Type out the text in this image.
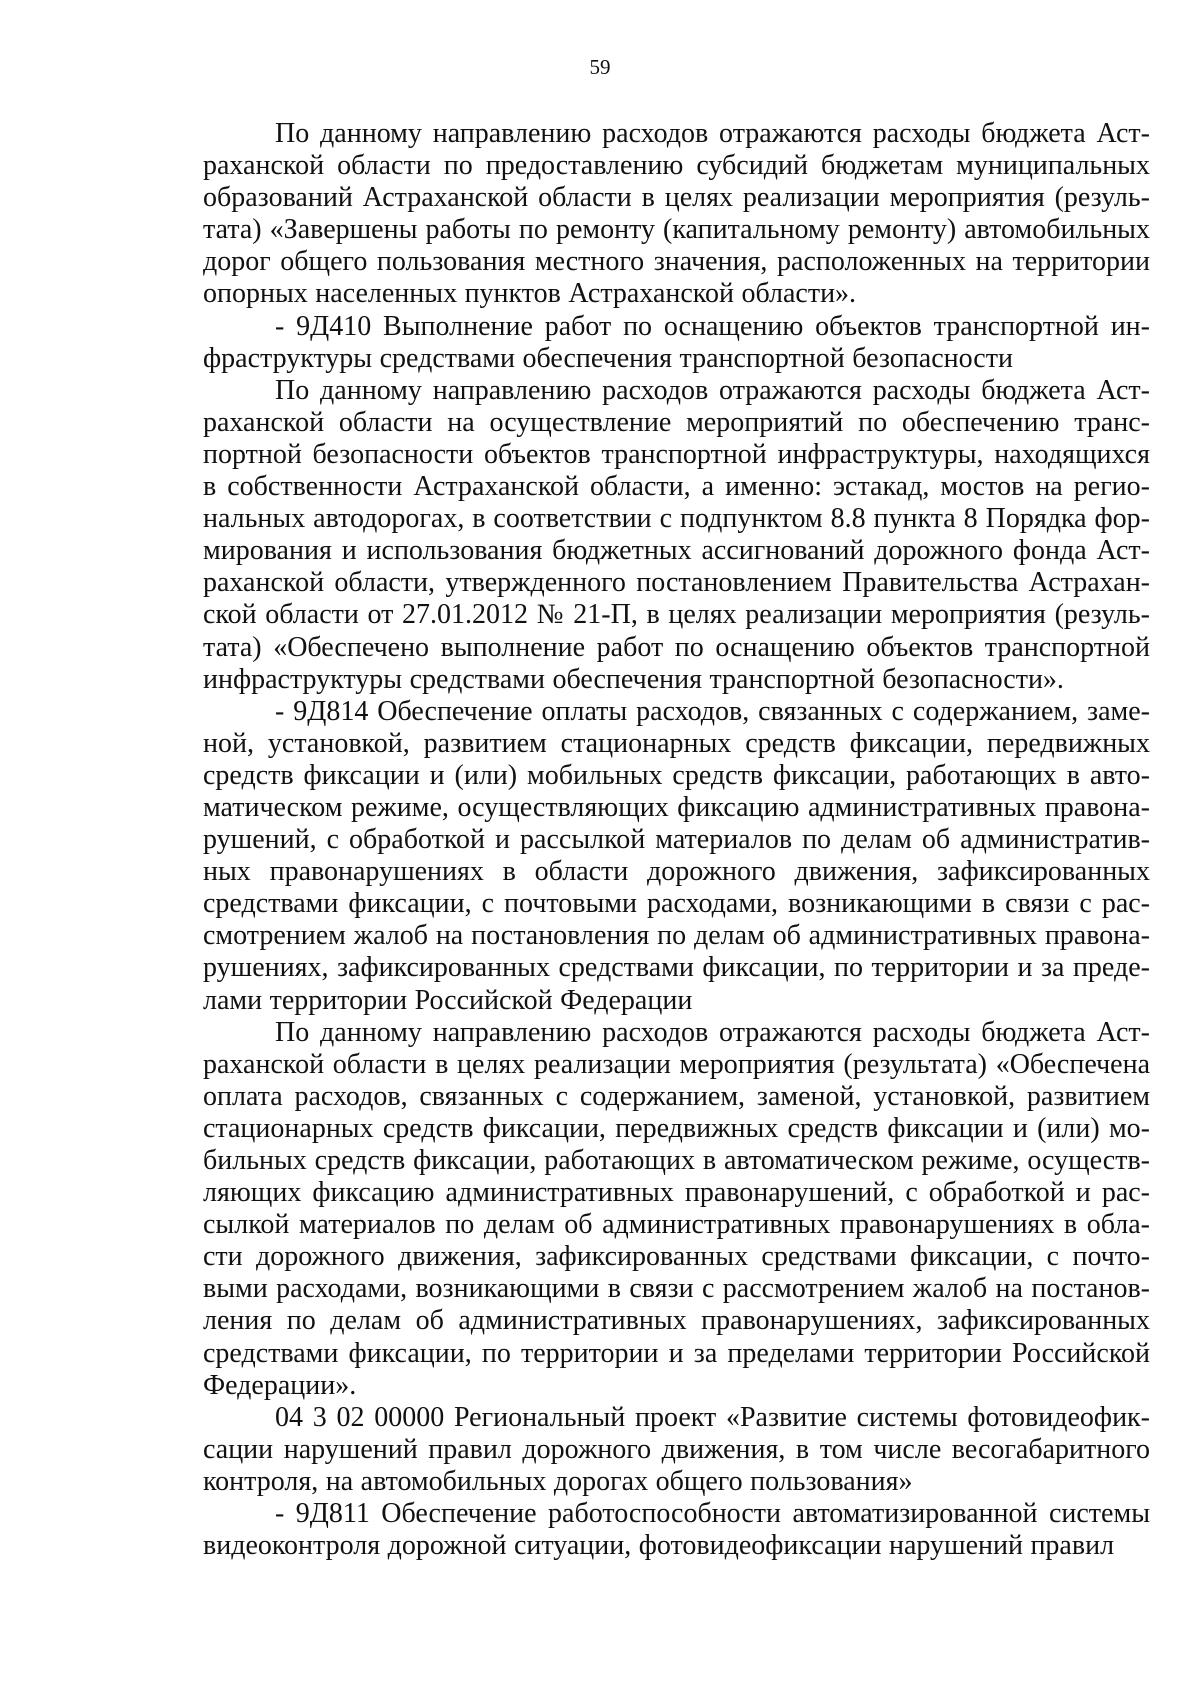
59

По данному направлению расходов отражаются расходы бюджета Астраханской области по предоставлению субсидий бюджетам муниципальных образований Астраханской области в целях реализации мероприятия (результата) «Завершены работы по ремонту (капитальному ремонту) автомобильных дорог общего пользования местного значения, расположенных на территории опорных населенных пунктов Астраханской области».

- 9Д410 Выполнение работ по оснащению объектов транспортной инфраструктуры средствами обеспечения транспортной безопасности

По данному направлению расходов отражаются расходы бюджета Астраханской области на осуществление мероприятий по обеспечению транспортной безопасности объектов транспортной инфраструктуры, находящихся в собственности Астраханской области, а именно: эстакад, мостов на региональных автодорогах, в соответствии с подпунктом 8.8 пункта 8 Порядка формирования и использования бюджетных ассигнований дорожного фонда Астраханской области, утвержденного постановлением Правительства Астраханской области от 27.01.2012 № 21-П, в целях реализации мероприятия (результата) «Обеспечено выполнение работ по оснащению объектов транспортной инфраструктуры средствами обеспечения транспортной безопасности».

- 9Д814 Обеспечение оплаты расходов, связанных с содержанием, заменой, установкой, развитием стационарных средств фиксации, передвижных средств фиксации и (или) мобильных средств фиксации, работающих в автоматическом режиме, осуществляющих фиксацию административных правонарушений, с обработкой и рассылкой материалов по делам об административных правонарушениях в области дорожного движения, зафиксированных средствами фиксации, с почтовыми расходами, возникающими в связи с рассмотрением жалоб на постановления по делам об административных правонарушениях, зафиксированных средствами фиксации, по территории и за пределами территории Российской Федерации

По данному направлению расходов отражаются расходы бюджета Астраханской области в целях реализации мероприятия (результата) «Обеспечена оплата расходов, связанных с содержанием, заменой, установкой, развитием стационарных средств фиксации, передвижных средств фиксации и (или) мобильных средств фиксации, работающих в автоматическом режиме, осуществляющих фиксацию административных правонарушений, с обработкой и рассылкой материалов по делам об административных правонарушениях в области дорожного движения, зафиксированных средствами фиксации, с почтовыми расходами, возникающими в связи с рассмотрением жалоб на постановления по делам об административных правонарушениях, зафиксированных средствами фиксации, по территории и за пределами территории Российской Федерации».

04 3 02 00000 Региональный проект «Развитие системы фотовидеофиксации нарушений правил дорожного движения, в том числе весогабаритного контроля, на автомобильных дорогах общего пользования»

- 9Д811 Обеспечение работоспособности автоматизированной системы видеоконтроля дорожной ситуации, фотовидеофиксации нарушений правил
